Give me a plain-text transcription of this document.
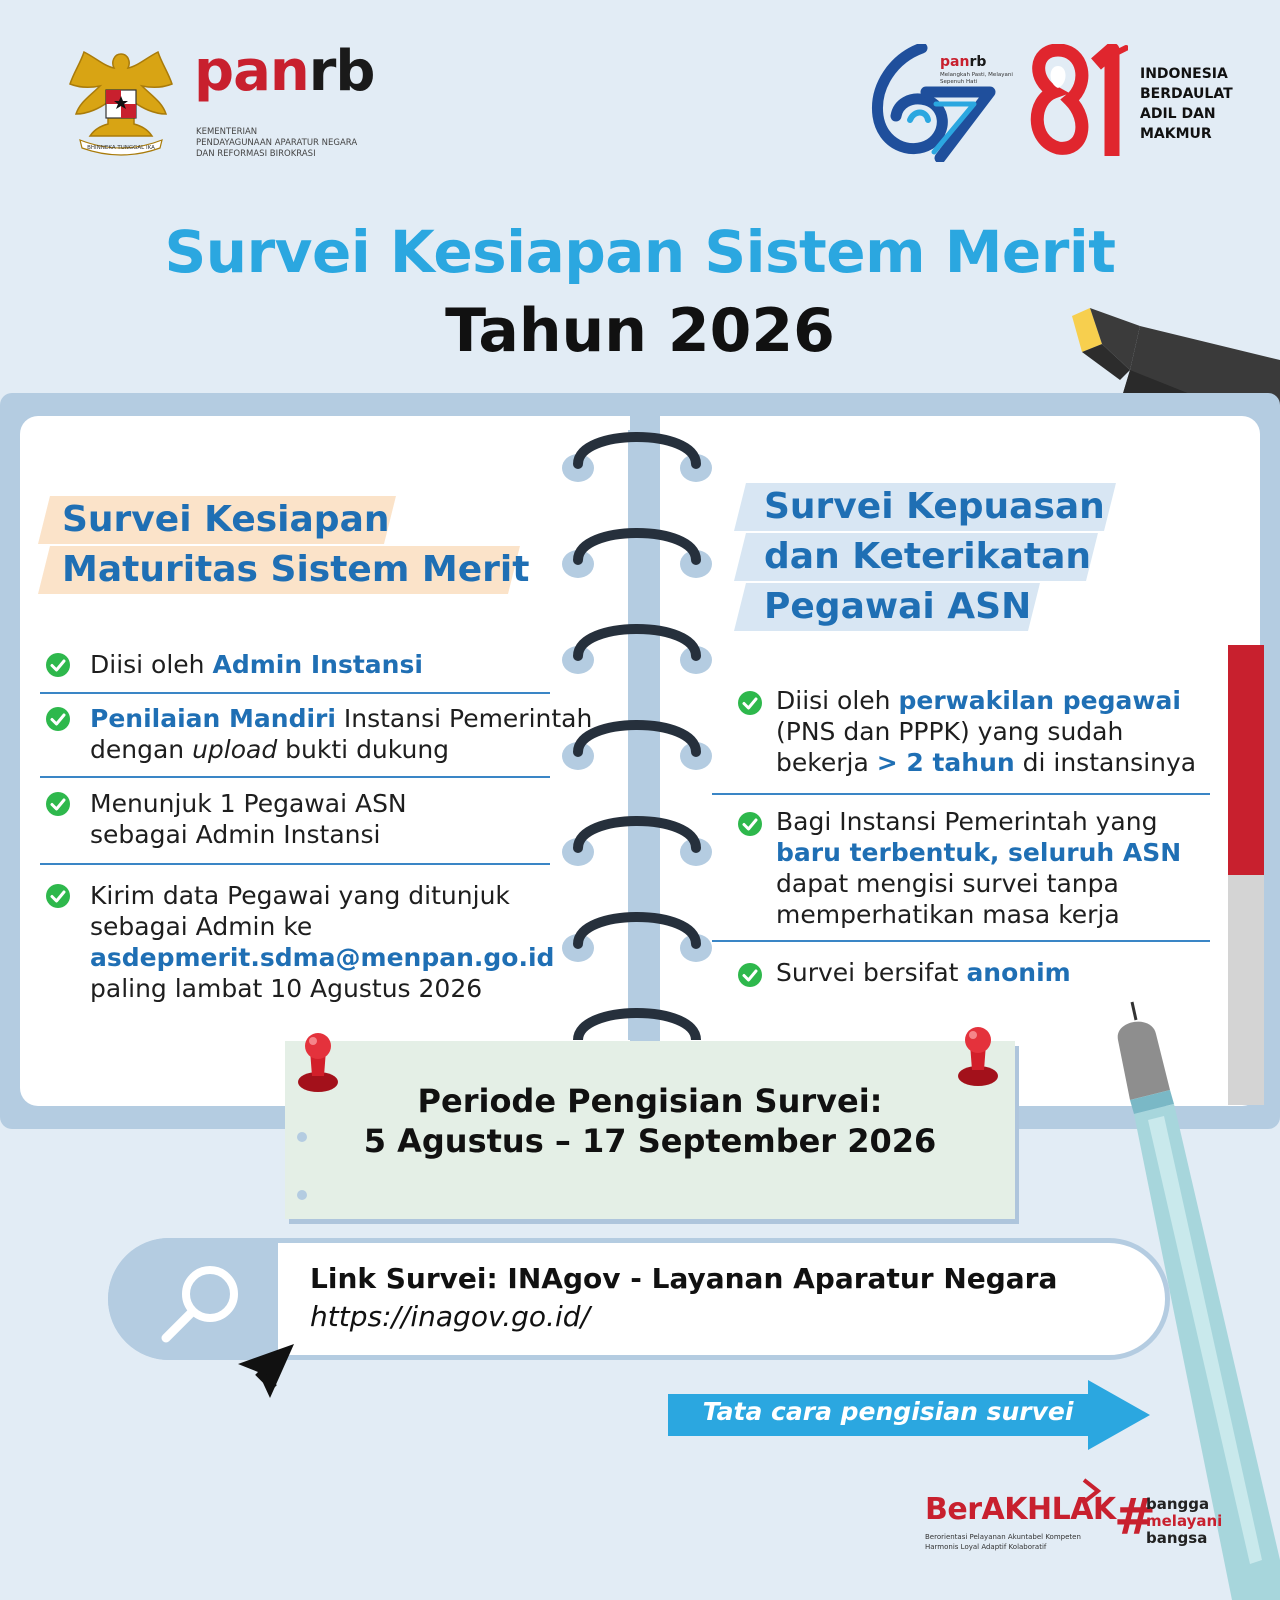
BHINNEKA TUNGGAL IKA
panrb
KEMENTERIAN
PENDAYAGUNAAN APARATUR NEGARA
DAN REFORMASI BIROKRASI
panrb
Melangkah Pasti, Melayani Sepenuh Hati
INDONESIA
BERDAULAT
ADIL DAN
MAKMUR
Survei Kesiapan Sistem Merit
Tahun 2026
Survei Kesiapan
Maturitas Sistem Merit
Diisi oleh Admin Instansi
Penilaian Mandiri Instansi Pemerintah
dengan upload bukti dukung
Menunjuk 1 Pegawai ASN
sebagai Admin Instansi
Kirim data Pegawai yang ditunjuk
sebagai Admin ke
asdepmerit.sdma@menpan.go.id
paling lambat 10 Agustus 2026
Survei Kepuasan
dan Keterikatan
Pegawai ASN
Diisi oleh perwakilan pegawai
(PNS dan PPPK) yang sudah
bekerja > 2 tahun di instansinya
Bagi Instansi Pemerintah yang
baru terbentuk, seluruh ASN
dapat mengisi survei tanpa
memperhatikan masa kerja
Survei bersifat anonim
Periode Pengisian Survei:
5 Agustus – 17 September 2026
Link Survei: INAgov - Layanan Aparatur Negara
https://inagov.go.id/
Tata cara pengisian survei
BerAKHLAK
Berorientasi Pelayanan Akuntabel Kompeten
Harmonis Loyal Adaptif Kolaboratif
#
bangga
melayani
bangsa
